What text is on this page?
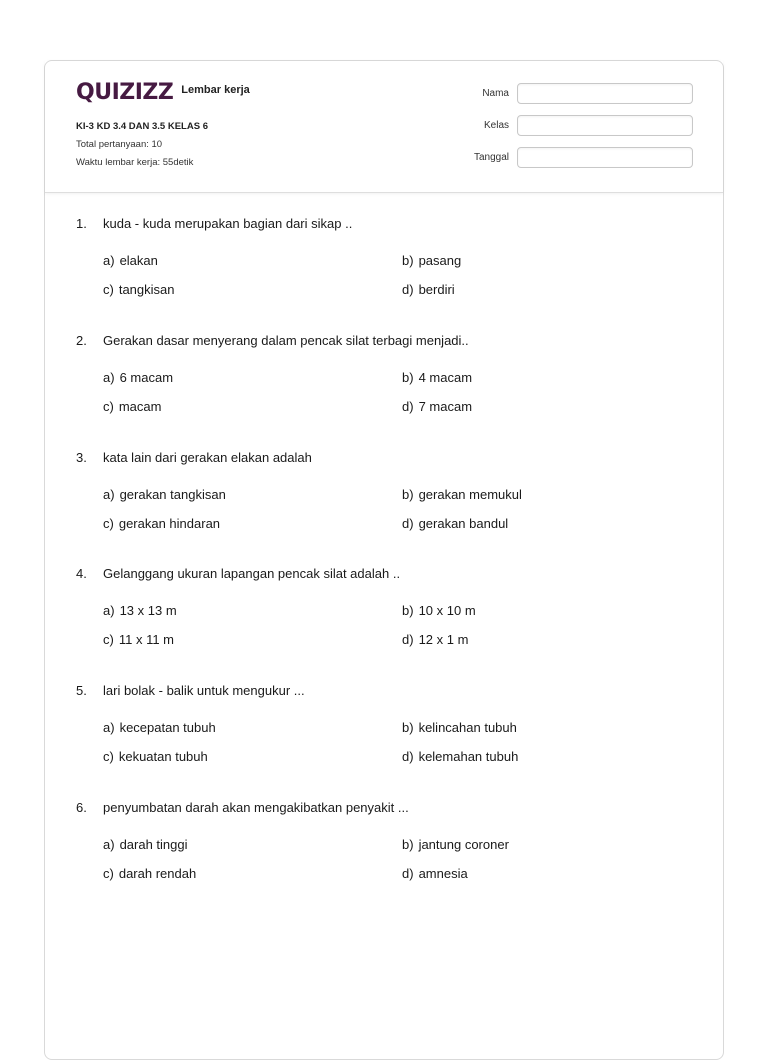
QUIZIZZ Lembar kerja
KI-3 KD 3.4 DAN 3.5 KELAS 6
Total pertanyaan: 10
Waktu lembar kerja: 55detik
Nama
Kelas
Tanggal
1. kuda - kuda merupakan bagian dari sikap ..
a) elakan	b) pasang
c) tangkisan	d) berdiri
2. Gerakan dasar menyerang dalam pencak silat terbagi menjadi..
a) 6 macam	b) 4 macam
c) macam	d) 7 macam
3. kata lain dari gerakan elakan adalah
a) gerakan tangkisan	b) gerakan memukul
c) gerakan hindaran	d) gerakan bandul
4. Gelanggang ukuran lapangan pencak silat adalah ..
a) 13 x 13 m	b) 10 x 10 m
c) 11 x 11 m	d) 12 x 1 m
5. lari bolak - balik untuk mengukur ...
a) kecepatan tubuh	b) kelincahan tubuh
c) kekuatan tubuh	d) kelemahan tubuh
6. penyumbatan darah akan mengakibatkan penyakit ...
a) darah tinggi	b) jantung coroner
c) darah rendah	d) amnesia
